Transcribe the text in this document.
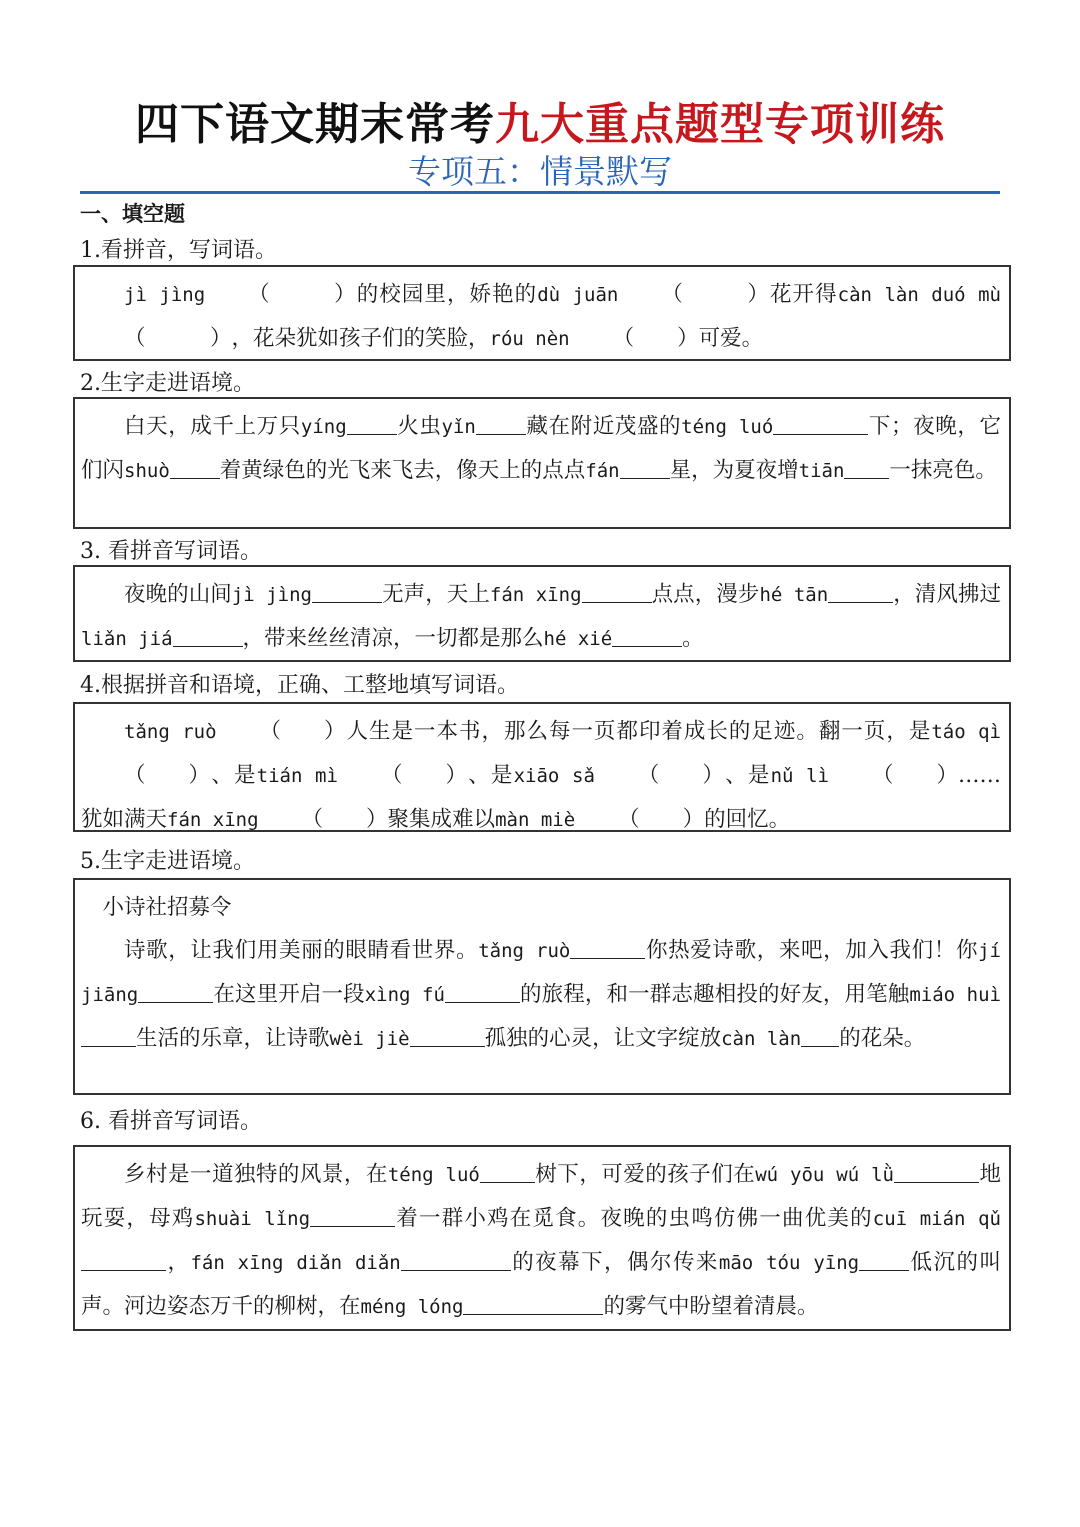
四下语文期末常考九大重点题型专项训练
专项五：情景默写
一、填空题
1.看拼音，写词语。

jì jìng （   ）的校园里，娇艳的dù juān （   ）花开得càn làn duó mù（   ），花朵犹如孩子们的笑脸，róu nèn （  ）可爱。

2.生字走进语境。

白天，成千上万只yíng 火虫yǐn 藏在附近茂盛的téng luó	下；夜晚，它们闪shuò 着黄绿色的光飞来飞去，像天上的点点fán 星，为夏夜增tiān 一抹亮色。

3. 看拼音写词语。

夜晚的山间jì jìng	无声，天上fán xīng	点点，漫步hé tān	，清风拂过liǎn jiá	，带来丝丝清凉，一切都是那么hé xié	。

4.根据拼音和语境，正确、工整地填写词语。

tǎng ruò （  ）人生是一本书，那么每一页都印着成长的足迹。翻一页，是táo qì（  ）、是tián mì （  ）、是xiāo sǎ （  ）、是nǔ lì （  ）……犹如满天fán xīng （  ）聚集成难以màn miè （  ）的回忆。

5.生字走进语境。

小诗社招募令

诗歌，让我们用美丽的眼睛看世界。tǎng ruò	你热爱诗歌，来吧，加入我们！你jí jiāng	在这里开启一段xìng fú	的旅程，和一群志趣相投的好友，用笔触miáo huì生活的乐章，让诗歌wèi jiè	孤独的心灵，让文字绽放càn làn 的花朵。

6. 看拼音写词语。

乡村是一道独特的风景，在téng luó	树下，可爱的孩子们在wú yōu wú lǜ	地玩耍，母鸡shuài lǐng	着一群小鸡在觅食。夜晚的虫鸣仿佛一曲优美的cuī mián qǔ，fán xīng diǎn diǎn	的夜幕下，偶尔传来māo tóu yīng 低沉的叫声。河边姿态万千的柳树，在méng lóng	的雾气中盼望着清晨。
